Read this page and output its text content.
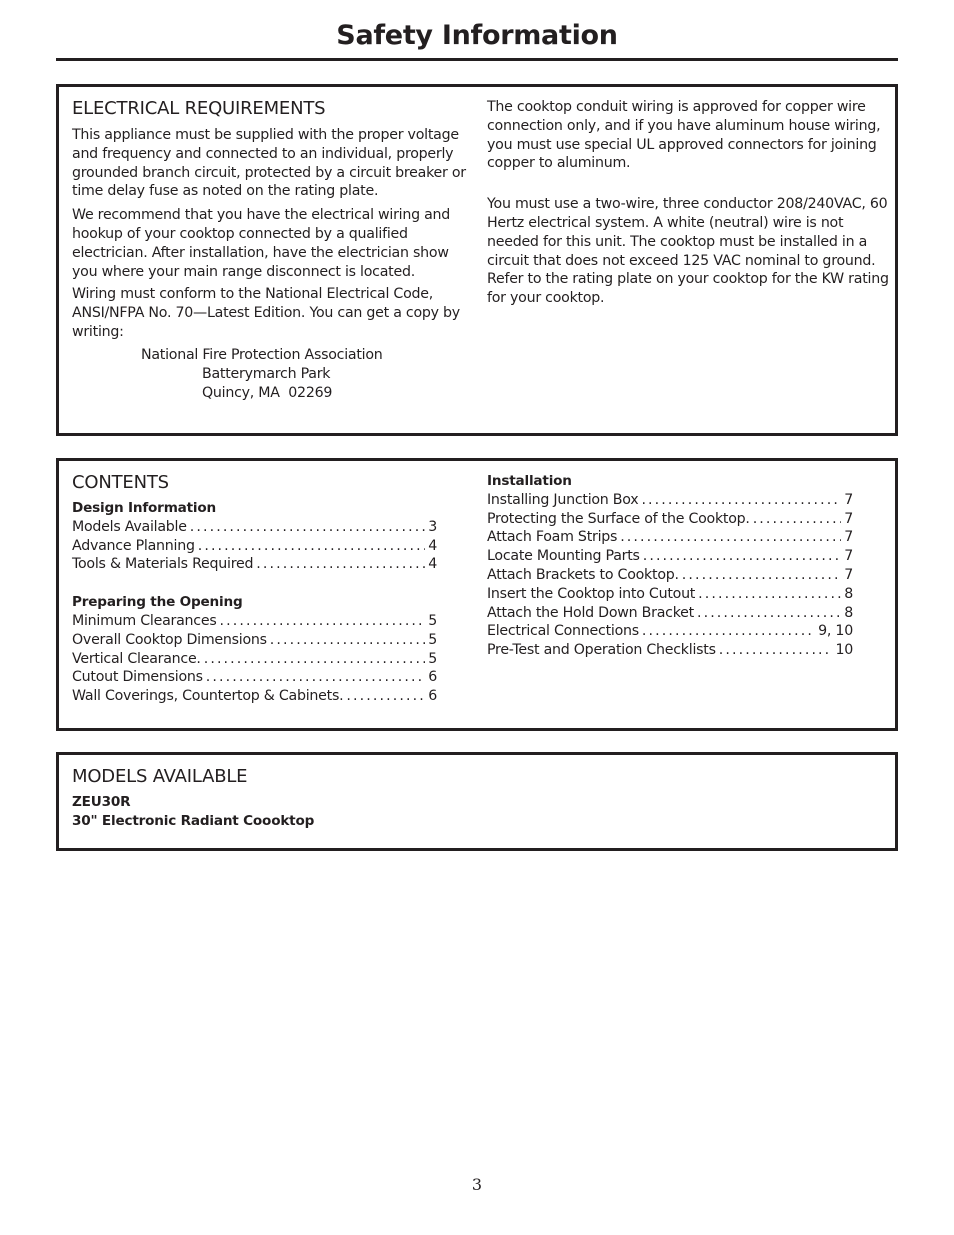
Safety Information
ELECTRICAL REQUIREMENTS

This appliance must be supplied with the proper voltage and frequency and connected to an individual, properly grounded branch circuit, protected by a circuit breaker or time delay fuse as noted on the rating plate.

We recommend that you have the electrical wiring and hookup of your cooktop connected by a qualified electrician. After installation, have the electrician show you where your main range disconnect is located.

Wiring must conform to the National Electrical Code, ANSI/NFPA No. 70—Latest Edition. You can get a copy by writing:

National Fire Protection Association
Batterymarch Park
Quincy, MA  02269

The cooktop conduit wiring is approved for copper wire connection only, and if you have aluminum house wiring, you must use special UL approved connectors for joining copper to aluminum.

You must use a two-wire, three conductor 208/240VAC, 60 Hertz electrical system. A white (neutral) wire is not needed for this unit. The cooktop must be installed in a circuit that does not exceed 125 VAC nominal to ground. Refer to the rating plate on your cooktop for the KW rating for your cooktop.

CONTENTS
Design Information
Models Available . . .	3
Advance Planning . . .	4
Tools & Materials Required . . .	4
Preparing the Opening
Minimum Clearances . . .	5
Overall Cooktop Dimensions . . .	5
Vertical Clearance. . . .	5
Cutout Dimensions . . .	6
Wall Coverings, Countertop & Cabinets. . . .	6
Installation
Installing Junction Box . . .	7
Protecting the Surface of the Cooktop. . . .	7
Attach Foam Strips . . .	7
Locate Mounting Parts . . .	7
Attach Brackets to Cooktop. . . .	7
Insert the Cooktop into Cutout . . .	8
Attach the Hold Down Bracket . . .	8
Electrical Connections . . .	9, 10
Pre-Test and Operation Checklists . . .	10
MODELS AVAILABLE
ZEU30R
30" Electronic Radiant Coooktop
3
